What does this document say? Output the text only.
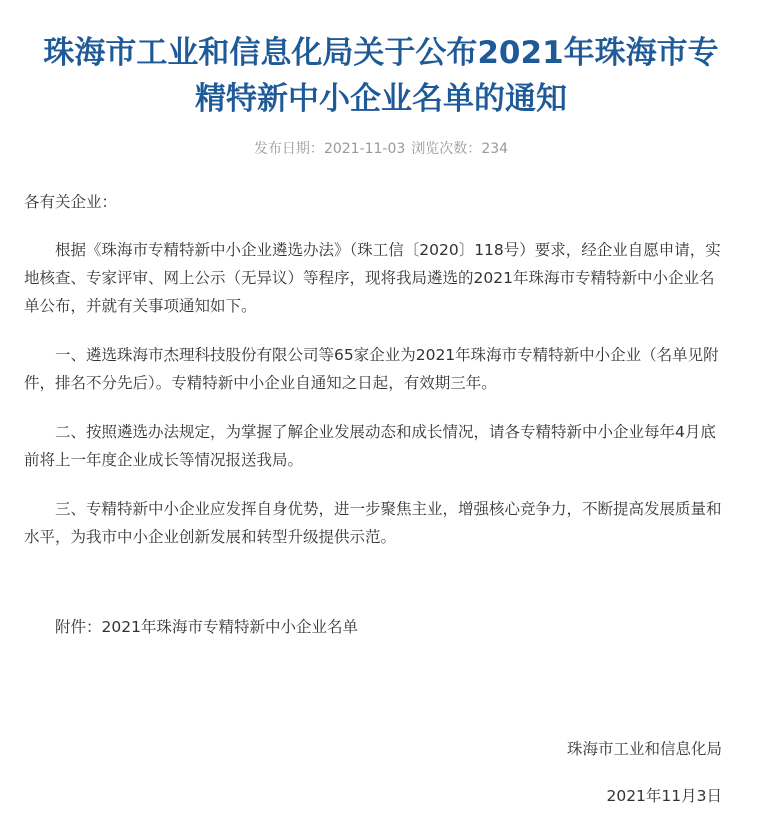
珠海市工业和信息化局关于公布2021年珠海市专
精特新中小企业名单的通知
发布日期：2021-11-03 浏览次数：234

各有关企业：

根据《珠海市专精特新中小企业遴选办法》（珠工信〔2020〕118号）要求，经企业自愿申请，实地核查、专家评审、网上公示（无异议）等程序，现将我局遴选的2021年珠海市专精特新中小企业名单公布，并就有关事项通知如下。

一、遴选珠海市杰理科技股份有限公司等65家企业为2021年珠海市专精特新中小企业（名单见附件，排名不分先后）。专精特新中小企业自通知之日起，有效期三年。

二、按照遴选办法规定，为掌握了解企业发展动态和成长情况，请各专精特新中小企业每年4月底前将上一年度企业成长等情况报送我局。

三、专精特新中小企业应发挥自身优势，进一步聚焦主业，增强核心竞争力，不断提高发展质量和水平，为我市中小企业创新发展和转型升级提供示范。

附件：2021年珠海市专精特新中小企业名单

珠海市工业和信息化局
2021年11月3日
